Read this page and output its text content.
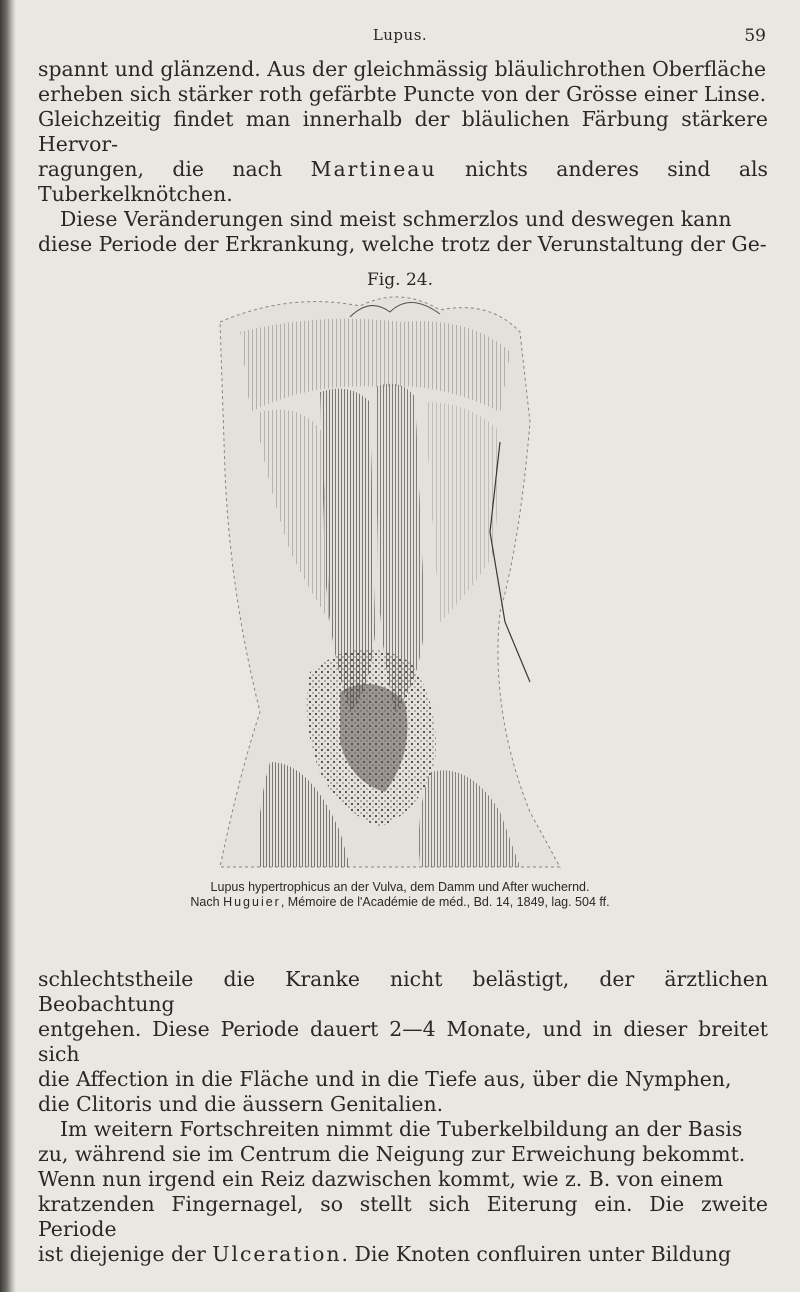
Lupus.	59

spannt und glänzend. Aus der gleichmässig bläulichrothen Oberfläche

erheben sich stärker roth gefärbte Puncte von der Grösse einer Linse.

Gleichzeitig findet man innerhalb der bläulichen Färbung stärkere Hervor-

ragungen, die nach Martineau nichts anderes sind als Tuberkelknötchen.

Diese Veränderungen sind meist schmerzlos und deswegen kann

diese Periode der Erkrankung, welche trotz der Verunstaltung der Ge-

Fig. 24.
Lupus hypertrophicus an der Vulva, dem Damm und After wuchernd.
Nach Huguier, Mémoire de l'Académie de méd., Bd. 14, 1849, lag. 504 ff.

schlechtstheile die Kranke nicht belästigt, der ärztlichen Beobachtung

entgehen. Diese Periode dauert 2—4 Monate, und in dieser breitet sich

die Affection in die Fläche und in die Tiefe aus, über die Nymphen,

die Clitoris und die äussern Genitalien.

Im weitern Fortschreiten nimmt die Tuberkelbildung an der Basis

zu, während sie im Centrum die Neigung zur Erweichung bekommt.

Wenn nun irgend ein Reiz dazwischen kommt, wie z. B. von einem

kratzenden Fingernagel, so stellt sich Eiterung ein. Die zweite Periode

ist diejenige der Ulceration. Die Knoten confluiren unter Bildung
